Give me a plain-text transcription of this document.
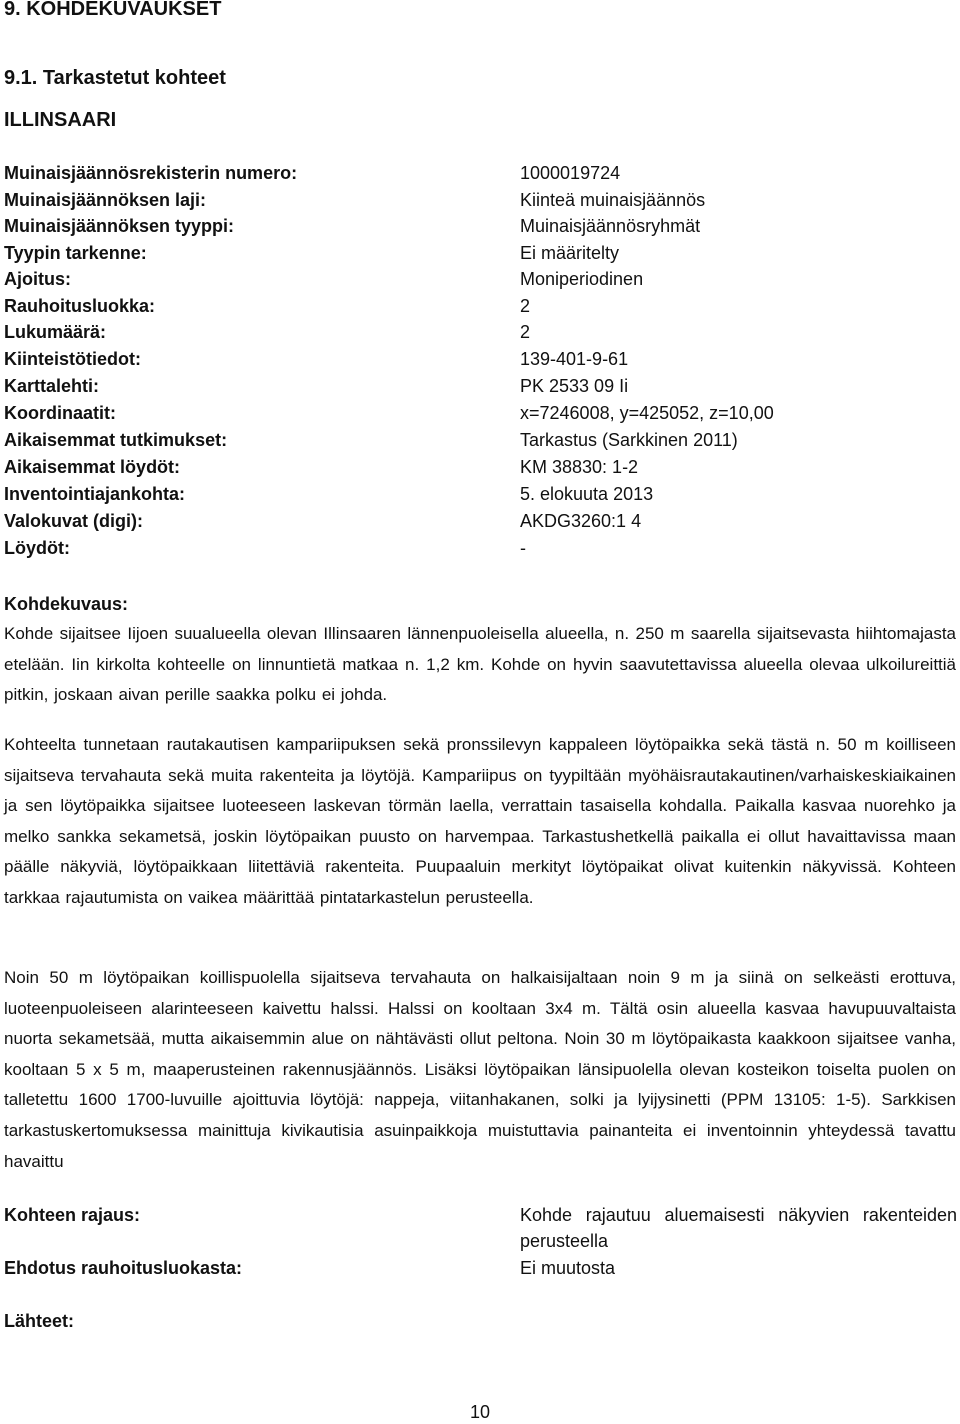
9. KOHDEKUVAUKSET
9.1. Tarkastetut kohteet
ILLINSAARI
Muinaisjäännösrekisterin numero:	1000019724
Muinaisjäännöksen laji:	Kiinteä muinaisjäännös
Muinaisjäännöksen tyyppi:	Muinaisjäännösryhmät
Tyypin tarkenne:	Ei määritelty
Ajoitus:	Moniperiodinen
Rauhoitusluokka:	2
Lukumäärä:	2
Kiinteistötiedot:	139-401-9-61
Karttalehti:	PK 2533 09 Ii
Koordinaatit:	x=7246008, y=425052, z=10,00
Aikaisemmat tutkimukset:	Tarkastus (Sarkkinen 2011)
Aikaisemmat löydöt:	KM 38830: 1-2
Inventointiajankohta:	5. elokuuta 2013
Valokuvat (digi):	AKDG3260:1 4
Löydöt:	-
Kohdekuvaus:

Kohde sijaitsee Iijoen suualueella olevan Illinsaaren lännenpuoleisella alueella, n. 250 m saarella sijaitsevasta hiihtomajasta etelään. Iin kirkolta kohteelle on linnuntietä matkaa n. 1,2 km. Kohde on hyvin saavutettavissa alueella olevaa ulkoilureittiä pitkin, joskaan aivan perille saakka polku ei johda.

Kohteelta tunnetaan rautakautisen kampariipuksen sekä pronssilevyn kappaleen löytöpaikka sekä tästä n. 50 m koilliseen sijaitseva tervahauta sekä muita rakenteita ja löytöjä. Kampariipus on tyypiltään myöhäisrautakautinen/varhaiskeskiaikainen ja sen löytöpaikka sijaitsee luoteeseen laskevan törmän laella, verrattain tasaisella kohdalla. Paikalla kasvaa nuorehko ja melko sankka sekametsä, joskin löytöpaikan puusto on harvempaa. Tarkastushetkellä paikalla ei ollut havaittavissa maan päälle näkyviä, löytöpaikkaan liitettäviä rakenteita. Puupaaluin merkityt löytöpaikat olivat kuitenkin näkyvissä. Kohteen tarkkaa rajautumista on vaikea määrittää pintatarkastelun perusteella.

Noin 50 m löytöpaikan koillispuolella sijaitseva tervahauta on halkaisijaltaan noin 9 m ja siinä on selkeästi erottuva, luoteenpuoleiseen alarinteeseen kaivettu halssi. Halssi on kooltaan 3x4 m. Tältä osin alueella kasvaa havupuuvaltaista nuorta sekametsää, mutta aikaisemmin alue on nähtävästi ollut peltona. Noin 30 m löytöpaikasta kaakkoon sijaitsee vanha, kooltaan 5 x 5 m, maaperusteinen rakennusjäännös. Lisäksi löytöpaikan länsipuolella olevan kosteikon toiselta puolen on talletettu 1600 1700-luvuille ajoittuvia löytöjä: nappeja, viitanhakanen, solki ja lyijysinetti (PPM 13105: 1-5). Sarkkisen tarkastuskertomuksessa mainittuja kivikautisia asuinpaikkoja muistuttavia painanteita ei inventoinnin yhteydessä tavattu havaittu

Kohteen rajaus:	Kohde rajautuu aluemaisesti näkyvien rakenteiden perusteella
Ehdotus rauhoitusluokasta:	Ei muutosta
Lähteet:
10
